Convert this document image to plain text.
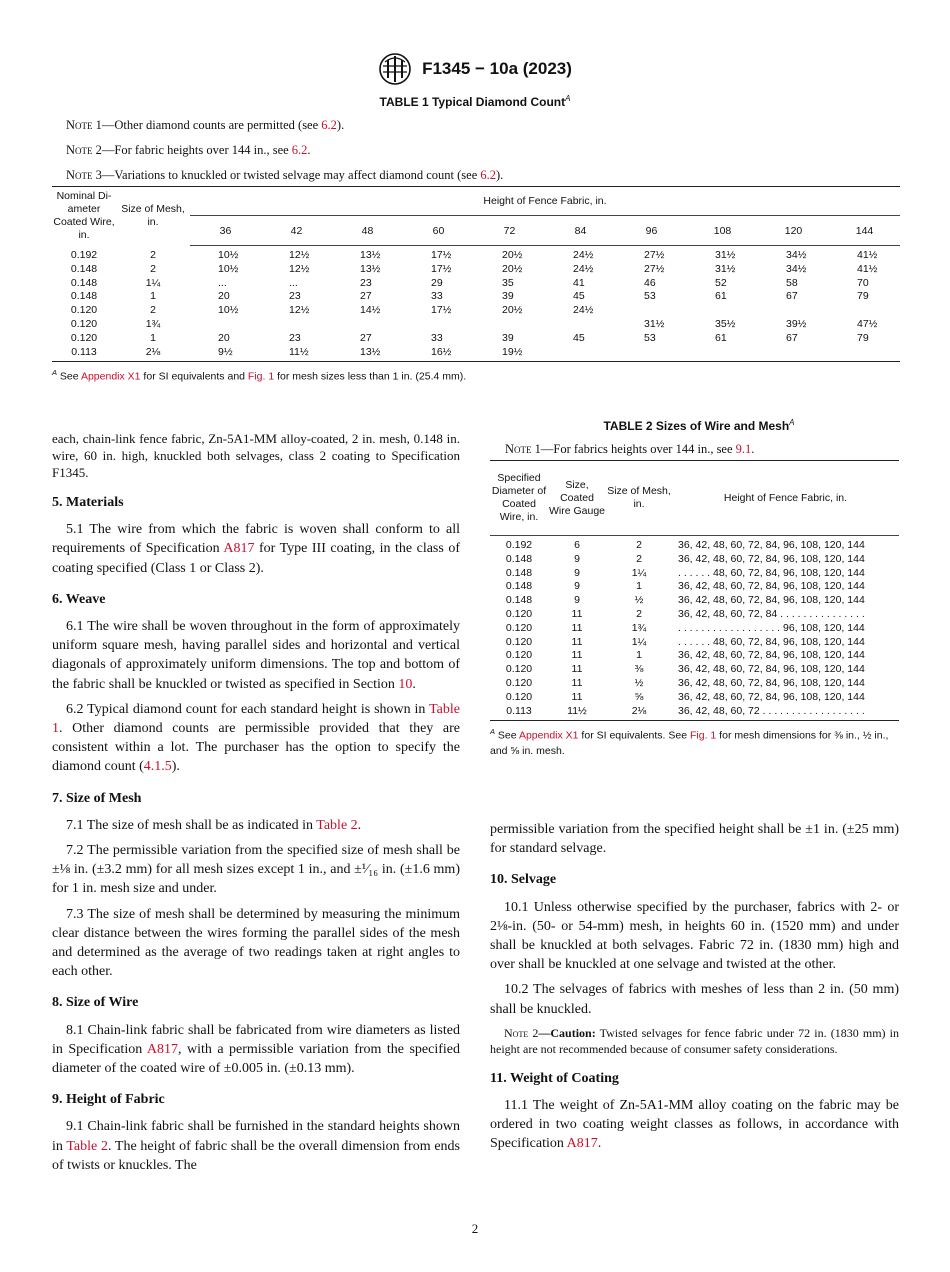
F1345 − 10a (2023)
TABLE 1 Typical Diamond Count$^A$
Note 1—Other diamond counts are permitted (see 6.2).
Note 2—For fabric heights over 144 in., see 6.2.
Note 3—Variations to knuckled or twisted selvage may affect diamond count (see 6.2).
Nominal Di-ameter Coated Wire, in.	Size of Mesh, in.	Height of Fence Fabric, in.									
		36	42	48	60	72	84	96	108	120	144
0.192	2	10½	12½	13½	17½	20½	24½	27½	31½	34½	41½
0.148	2	10½	12½	13½	17½	20½	24½	27½	31½	34½	41½
0.148	1¼	...	...	23	29	35	41	46	52	58	70
0.148	1	20	23	27	33	39	45	53	61	67	79
0.120	2	10½	12½	14½	17½	20½	24½				
0.120	1¾							31½	35½	39½	47½
0.120	1	20	23	27	33	39	45	53	61	67	79
0.113	2⅛	9½	11½	13½	16½	19½					
$^A$ See Appendix X1 for SI equivalents and Fig. 1 for mesh sizes less than 1 in. (25.4 mm).

each, chain-link fence fabric, Zn-5A1-MM alloy-coated, 2 in. mesh, 0.148 in. wire, 60 in. high, knuckled both selvages, class 2 coating to Specification F1345.

5. Materials

5.1 The wire from which the fabric is woven shall conform to all requirements of Specification A817 for Type III coating, in the class of coating specified (Class 1 or Class 2).

6. Weave

6.1 The wire shall be woven throughout in the form of approximately uniform square mesh, having parallel sides and horizontal and vertical diagonals of approximately uniform dimensions. The top and bottom of the fabric shall be knuckled or twisted as specified in Section 10.

6.2 Typical diamond count for each standard height is shown in Table 1. Other diamond counts are permissible provided that they are consistent within a lot. The purchaser has the option to specify the diamond count (4.1.5).

7. Size of Mesh

7.1 The size of mesh shall be as indicated in Table 2.

7.2 The permissible variation from the specified size of mesh shall be ±⅛ in. (±3.2 mm) for all mesh sizes except 1 in., and ±¹⁄₁₆ in. (±1.6 mm) for 1 in. mesh size and under.

7.3 The size of mesh shall be determined by measuring the minimum clear distance between the wires forming the parallel sides of the mesh and determined as the average of two readings taken at right angles to each other.

8. Size of Wire

8.1 Chain-link fabric shall be fabricated from wire diameters as listed in Specification A817, with a permissible variation from the specified diameter of the coated wire of ±0.005 in. (±0.13 mm).

9. Height of Fabric

9.1 Chain-link fabric shall be furnished in the standard heights shown in Table 2. The height of fabric shall be the overall dimension from ends of twists or knuckles. The

TABLE 2 Sizes of Wire and Mesh$^A$
Note 1—For fabrics heights over 144 in., see 9.1.
Specified Diameter of Coated Wire, in.	Size, Coated Wire Gauge	Size of Mesh, in.	Height of Fence Fabric, in.
0.192	6	2	36, 42, 48, 60, 72, 84, 96, 108, 120, 144
0.148	9	2	36, 42, 48, 60, 72, 84, 96, 108, 120, 144
0.148	9	1¼	. . . . . . 48, 60, 72, 84, 96, 108, 120, 144
0.148	9	1	36, 42, 48, 60, 72, 84, 96, 108, 120, 144
0.148	9	½	36, 42, 48, 60, 72, 84, 96, 108, 120, 144
0.120	11	2	36, 42, 48, 60, 72, 84 . . . . . . . . . . . . . . .
0.120	11	1¾	. . . . . . . . . . . . . . . . . . 96, 108, 120, 144
0.120	11	1¼	. . . . . . 48, 60, 72, 84, 96, 108, 120, 144
0.120	11	1	36, 42, 48, 60, 72, 84, 96, 108, 120, 144
0.120	11	⅜	36, 42, 48, 60, 72, 84, 96, 108, 120, 144
0.120	11	½	36, 42, 48, 60, 72, 84, 96, 108, 120, 144
0.120	11	⅝	36, 42, 48, 60, 72, 84, 96, 108, 120, 144
0.113	11½	2⅛	36, 42, 48, 60, 72 . . . . . . . . . . . . . . . . . .
$^A$ See Appendix X1 for SI equivalents. See Fig. 1 for mesh dimensions for ⅜ in., ½ in., and ⅝ in. mesh.

permissible variation from the specified height shall be ±1 in. (±25 mm) for standard selvage.

10. Selvage

10.1 Unless otherwise specified by the purchaser, fabrics with 2- or 2⅛-in. (50- or 54-mm) mesh, in heights 60 in. (1520 mm) and under shall be knuckled at both selvages. Fabric 72 in. (1830 mm) high and over shall be knuckled at one selvage and twisted at the other.

10.2 The selvages of fabrics with meshes of less than 2 in. (50 mm) shall be knuckled.

Note 2—Caution: Twisted selvages for fence fabric under 72 in. (1830 mm) in height are not recommended because of consumer safety considerations.

11. Weight of Coating

11.1 The weight of Zn-5A1-MM alloy coating on the fabric may be ordered in two coating weight classes as follows, in accordance with Specification A817.

2
